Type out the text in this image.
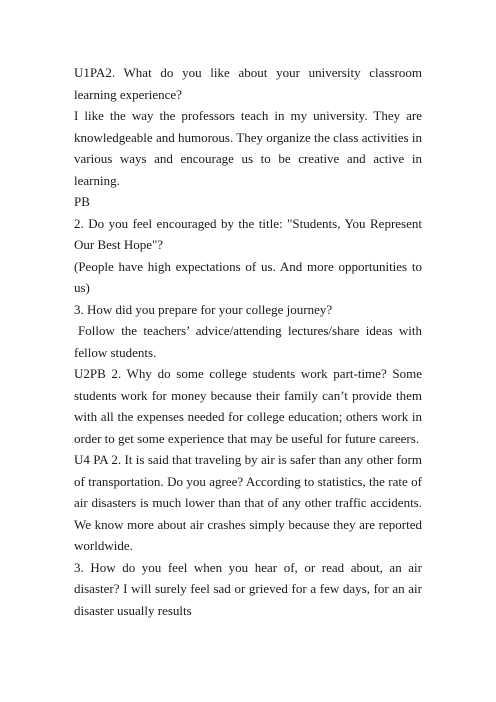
U1PA2. What do you like about your university classroom learning experience?

I like the way the professors teach in my university. They are knowledgeable and humorous. They organize the class activities in various ways and encourage us to be creative and active in learning.

PB

2. Do you feel encouraged by the title: "Students, You Represent Our Best Hope"?

(People have high expectations of us. And more opportunities to us)

3. How did you prepare for your college journey?

Follow the teachers’ advice/attending lectures/share ideas with fellow students.

U2PB 2. Why do some college students work part-time? Some students work for money because their family can’t provide them with all the expenses needed for college education; others work in order to get some experience that may be useful for future careers.

U4 PA 2. It is said that traveling by air is safer than any other form of transportation. Do you agree? According to statistics, the rate of air disasters is much lower than that of any other traffic accidents. We know more about air crashes simply because they are reported worldwide.

3. How do you feel when you hear of, or read about, an air disaster? I will surely feel sad or grieved for a few days, for an air disaster usually results
